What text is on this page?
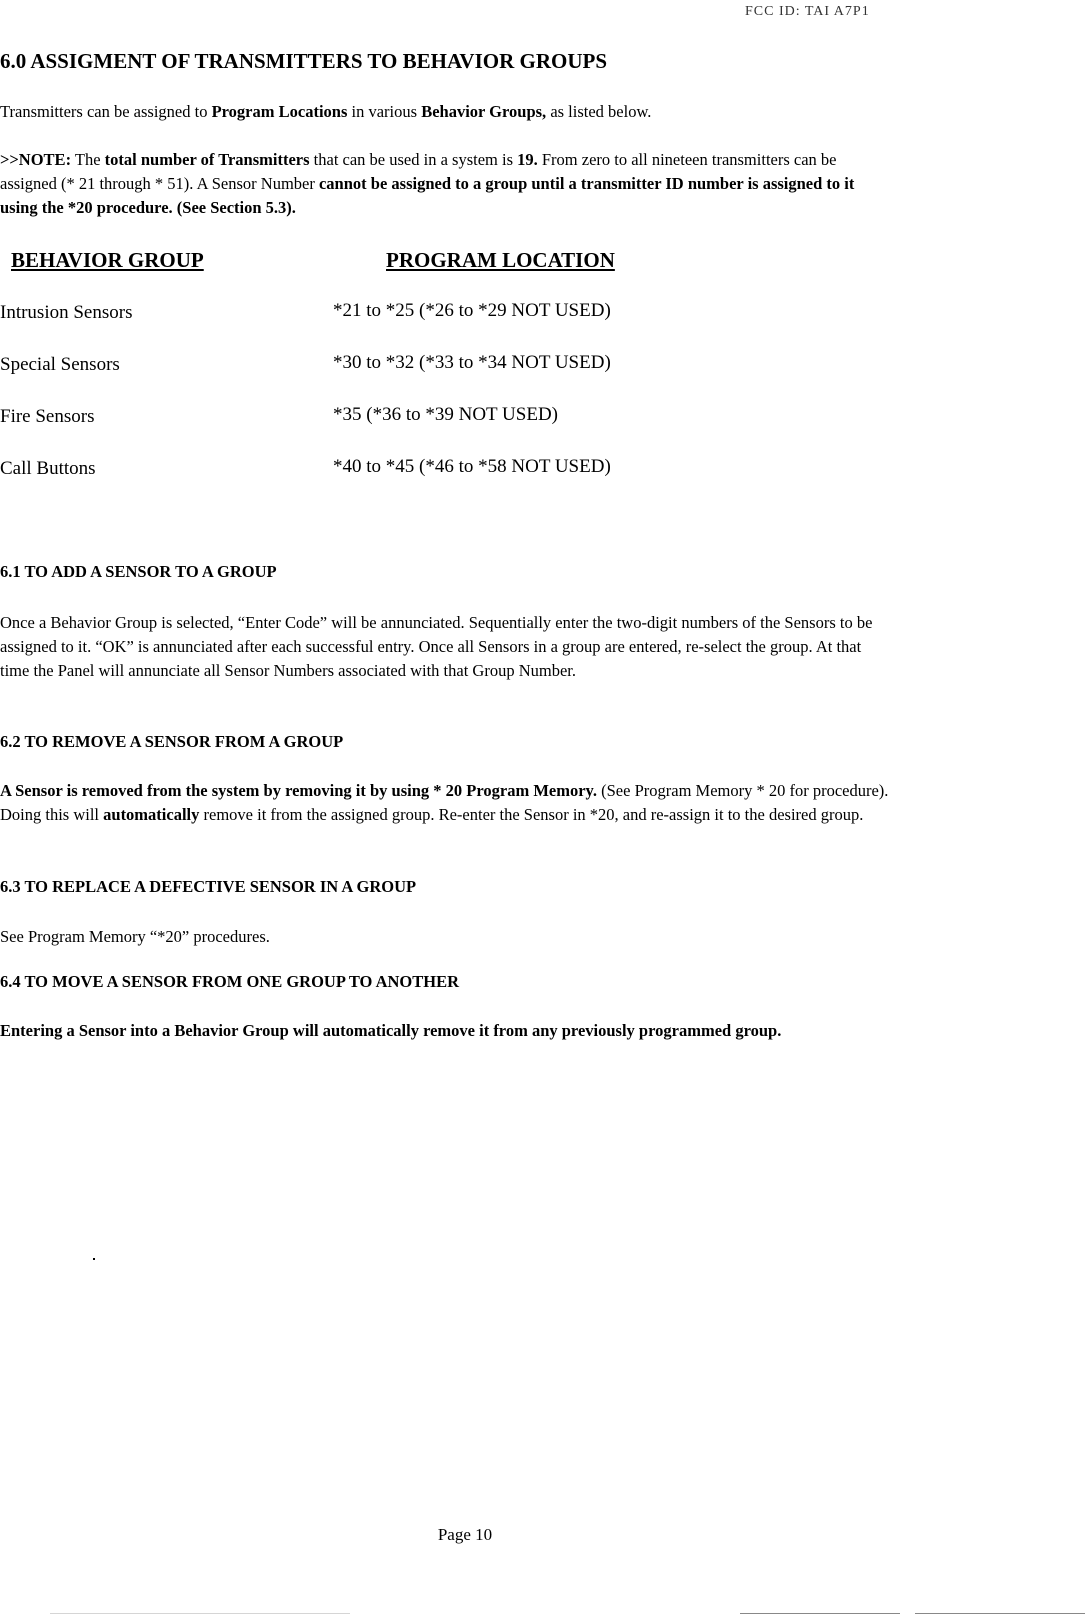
FCC ID: TAI A7P1
6.0 ASSIGMENT OF TRANSMITTERS TO BEHAVIOR GROUPS

Transmitters can be assigned to Program Locations in various Behavior Groups, as listed below.

>>NOTE: The total number of Transmitters that can be used in a system is 19. From zero to all nineteen transmitters can be assigned (* 21 through * 51). A Sensor Number cannot be assigned to a group until a transmitter ID number is assigned to it using the *20 procedure. (See Section 5.3).

BEHAVIOR GROUP	PROGRAM LOCATION
Intrusion Sensors	*21 to *25 (*26 to *29 NOT USED)
Special Sensors	*30 to *32 (*33 to *34 NOT USED)
Fire Sensors	*35 (*36 to *39 NOT USED)
Call Buttons	*40 to *45 (*46 to *58 NOT USED)
6.1 TO ADD A SENSOR TO A GROUP

Once a Behavior Group is selected, “Enter Code” will be annunciated. Sequentially enter the two-digit numbers of the Sensors to be assigned to it. “OK” is annunciated after each successful entry. Once all Sensors in a group are entered, re-select the group. At that time the Panel will annunciate all Sensor Numbers associated with that Group Number.

6.2 TO REMOVE A SENSOR FROM A GROUP

A Sensor is removed from the system by removing it by using * 20 Program Memory. (See Program Memory * 20 for procedure). Doing this will automatically remove it from the assigned group. Re-enter the Sensor in *20, and re-assign it to the desired group.

6.3 TO REPLACE A DEFECTIVE SENSOR IN A GROUP

See Program Memory “*20” procedures.

6.4 TO MOVE A SENSOR FROM ONE GROUP TO ANOTHER

Entering a Sensor into a Behavior Group will automatically remove it from any previously programmed group.

Page 10
